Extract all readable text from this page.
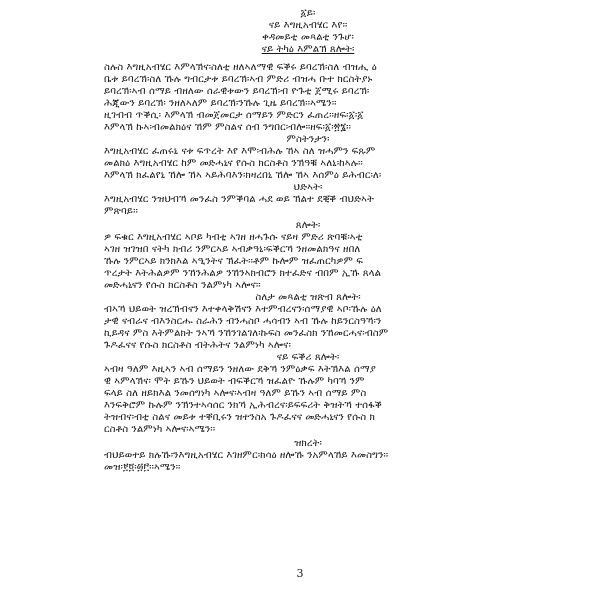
፩ይ፡
ናይ እግዚአብሄር እየ፡፡
ቀዳመይቲ መጻልቲ ንጉሆ፡
ናይ ትካዕ እምልኽ ጸሎት፡
ስሉስ እግዚአብሄር እምላኽና፡ስለቲ ዘለኣለማዊ ፍቕሩ ይባረኽ፡ስለ ብዝሒ ዕ
ቤቱ ይባረኽ፡ስለ ኹሉ ግብርታቱ ይባረኽ፡ኣብ ምድሪ ብዝሓ ቡተ ክርስትያኑ
ይባረኽ፡ኣብ ሰማይ ብዘለው ሰራዊቱውን ይባረኽ፡ብ ዮጉቲ ጀሚሩ ይባረኽ፡
ሕጂውን ይባረኽ፡ ንዘለኣለም ይባረኽ፡ንኹሉ ጊዜ ይባረኽ፡፡ኣሜን፡፡
ዚገብብ ጥቕሲ፡ እምላኽ ብመጀመርታ ሰማይን ምድርን ፈጠረ፡፡ዘፍ፡፩፡፩
እምላኽ ኩኣ፡ብመልክዕና ኸም ምስልና ሰብ ንግበር፡ብሎ፡፡ዘፍ፡፩፡፳፮፡፡
ምስትንታን፡
እግዚአብሄር ፈጠሩኒ ናቱ ፍጥረት እየ እሞ፡ብሕሉ ኸኣ ስለ ዝሓምን ፍጹም
መልክዕ እግዚአብሄር ከም መድሓኒና የሱስ ክርስቶስ ንኽዓቑ ኣለኒ፡ከኣሉ፡፡
እምላኽ ክፈልየኒ ኸሎ ኸኣ ኣይሕባእን፡ክዛረበኒ ኸሎ ኸኣ እሰምዕ ይሕብር፡ለ፡
ህድኣት፡
እግዚአብሄር ንዝህብኻ መንፈስ ንምቕባል ሓደ ወይ ኽልተ ደቒቕ ብህድኣት
ምጽባይ፡፡
ጸሎት፡
ዎ ፍቁር እግዚአብሄር ኣቦይ ካብቲ ኣገዘ ዘሓጉሱ ናይዛ ምድሪ ጽባቑ፡ኣቲ
ኣገዘ ዝገዝበ ናትካ ክብሪ ንምርኣይ ኣብቃዓኒ፡ፍቕርኻ ንዘመልክዓና ዘበለ
ኹሉ ንምርኣይ ክንክእል ኣዒንትና ኽፈት፡፡ቶም ኩሎም ዝፈጠርካዎም ፍ
ጥረታት እትሕልዎም ንኸንሕልዎ ንኸንኣክብሮን ክተፈድና ብበም ኢኹ ጸላል
መድሓኒናን የሱስ ክርስቶስ ንልምነካ ኣሎና፡፡
ስለታ መጻልቲ ዝጽብ ጸሎት፡
ብኣኻ ህይወት ዝረኽብናን እተቀላቅሽናን እተምብረናን፡ሰማያዊ ኣቦ፡ኹሉ ዕለ
ታዊ ናብራና ብእንስርሑ ስራሕን ብንሓስቦ ሓሳብን ኣብ ኹሉ ከይንርስዓኻ፡ን
ኪይዳና ምስ እትምልክት ንኣኻ ንኸንገልገለ፡ኩፍስ መንፈስክ ንኸመርሓና፡ብስም
ጉዶፈናና የሱስ ክርስቶስ ብትሕትና ንልምነካ ኣሎና፡
ናይ ፍቕሪ ጸሎት፡
ኣብዛ ዓለም እዚኣን ኣብ ሰማይን ንዘለው ደቅኻ ንምዕቃፍ እትኽእል ሰማያ
ዊ ኣምላኽና፡ ሞት ይኹን ህይወት ብፍቕርኻ ዝፈልዮ ኹሉም ካባኻ ንም
ፍላይ ስለ ዘይክእል ንመሰግነካ ኣሎና፡ኣብዛ ዓለም ይኹን ኣብ ሰማይ ምስ
እንፍቅሮም ኩሉም ንኽንተኣሳሰር ንክኻ ኢሕብረና፡ይፍፍሪት ቅዝትኻ ተሰፋቕ
ትዝብና፡ብቲ ስልና መይቱ ተቐቢሩን ዝተንስአ ጉዶፈናና መድሓኒናን የሱስ ክ
ርስቶስ ንልምነካ ኣሎና፡ኣሜን፡፡
ዝክረት፡
ብህይወተይ ክሉኹ፡ንእግዚአብሄር እገዘምር፡ክሳዕ ዘሎኹ ንአምላኸይ እመስግን፡፡
መዝ፡፻፬፡፴፫፡፡ኣሜን፡፡
3
